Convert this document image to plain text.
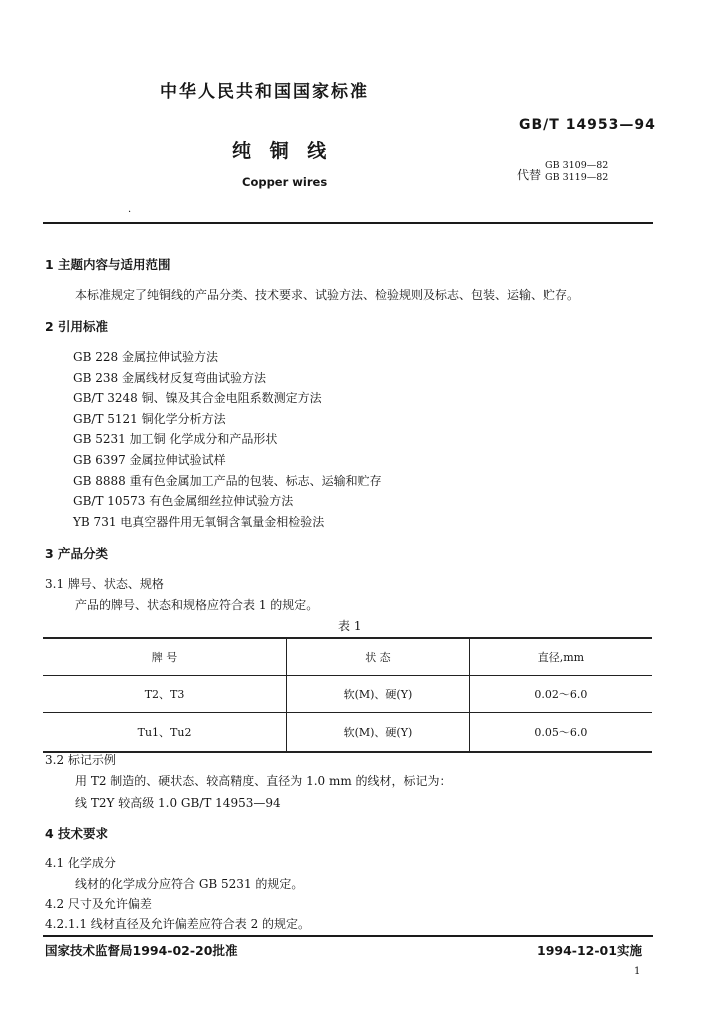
中华人民共和国国家标准
GB/T 14953—94
纯 铜 线
Copper wires	代替
GB 3109—82
GB 3119—82
·
1 主题内容与适用范围
本标准规定了纯铜线的产品分类、技术要求、试验方法、检验规则及标志、包装、运输、贮存。
2 引用标准
GB 228 金属拉伸试验方法
GB 238 金属线材反复弯曲试验方法
GB/T 3248 铜、镍及其合金电阻系数测定方法
GB/T 5121 铜化学分析方法
GB 5231 加工铜 化学成分和产品形状
GB 6397 金属拉伸试验试样
GB 8888 重有色金属加工产品的包装、标志、运输和贮存
GB/T 10573 有色金属细丝拉伸试验方法
YB 731 电真空器件用无氧铜含氧量金相检验法
3 产品分类
3.1 牌号、状态、规格
产品的牌号、状态和规格应符合表 1 的规定。
表 1
牌 号	状 态	直径,mm
T2、T3	软(M)、硬(Y)	0.02～6.0
Tu1、Tu2	软(M)、硬(Y)	0.05～6.0
3.2 标记示例
用 T2 制造的、硬状态、较高精度、直径为 1.0 mm 的线材，标记为：
线 T2Y 较高级 1.0 GB/T 14953—94
4 技术要求
4.1 化学成分
线材的化学成分应符合 GB 5231 的规定。
4.2 尺寸及允许偏差
4.2.1.1 线材直径及允许偏差应符合表 2 的规定。
国家技术监督局1994-02-20批准	1994-12-01实施
1
